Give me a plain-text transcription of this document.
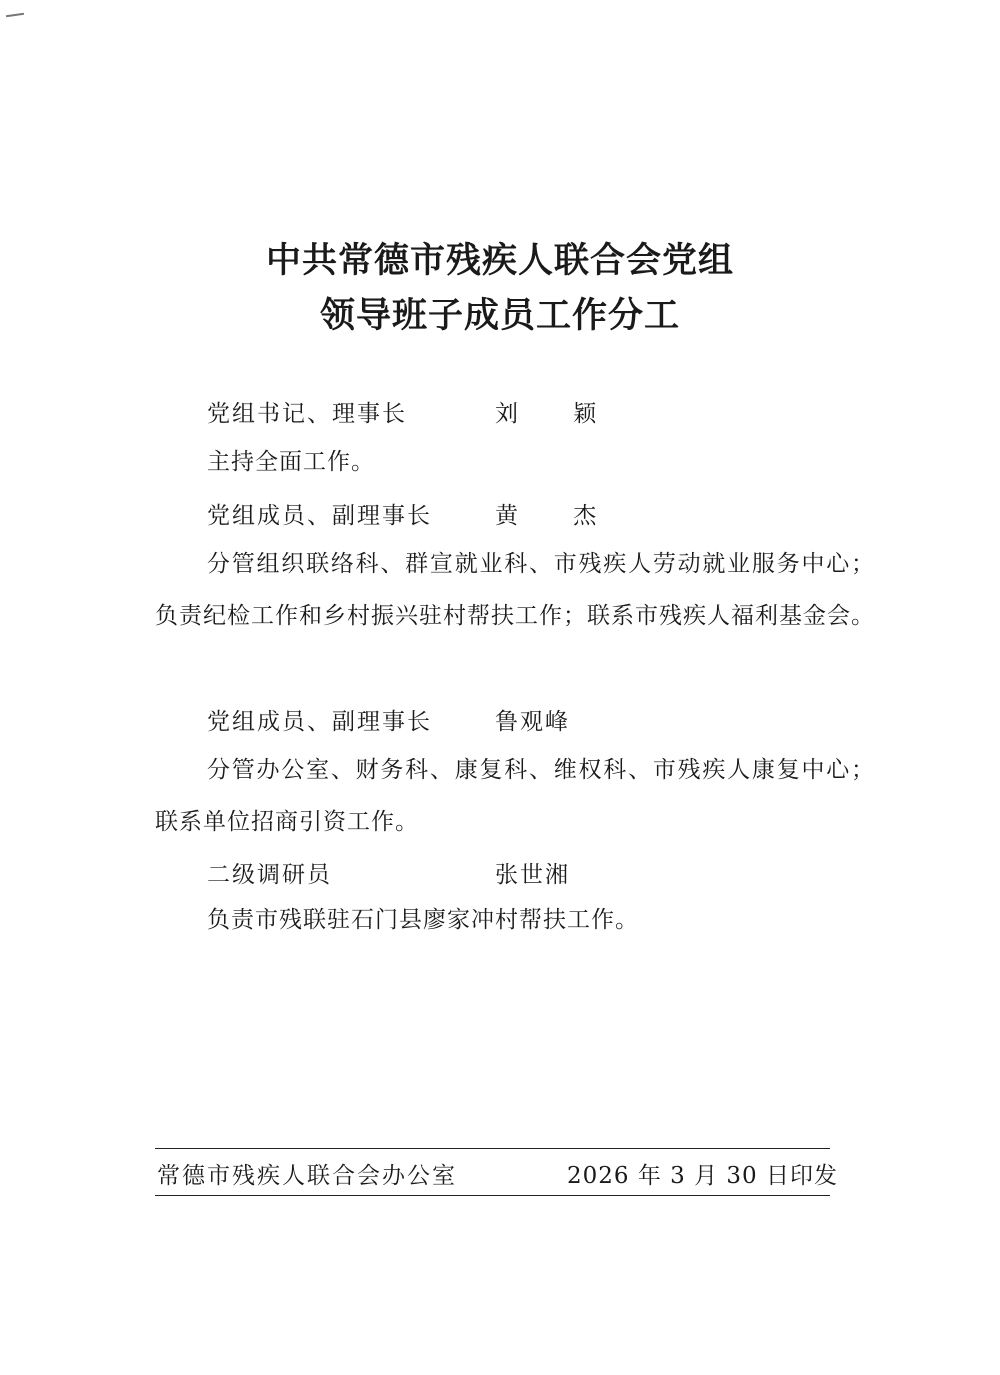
中共常德市残疾人联合会党组
领导班子成员工作分工
党组书记、理事长	刘 颖
主持全面工作。
党组成员、副理事长	黄 杰
分管组织联络科、群宣就业科、市残疾人劳动就业服务中心；负责纪检工作和乡村振兴驻村帮扶工作；联系市残疾人福利基金会。
党组成员、副理事长	鲁观峰
分管办公室、财务科、康复科、维权科、市残疾人康复中心；联系单位招商引资工作。
二级调研员	张世湘
负责市残联驻石门县廖家冲村帮扶工作。
常德市残疾人联合会办公室	2026 年 3 月 30 日印发
